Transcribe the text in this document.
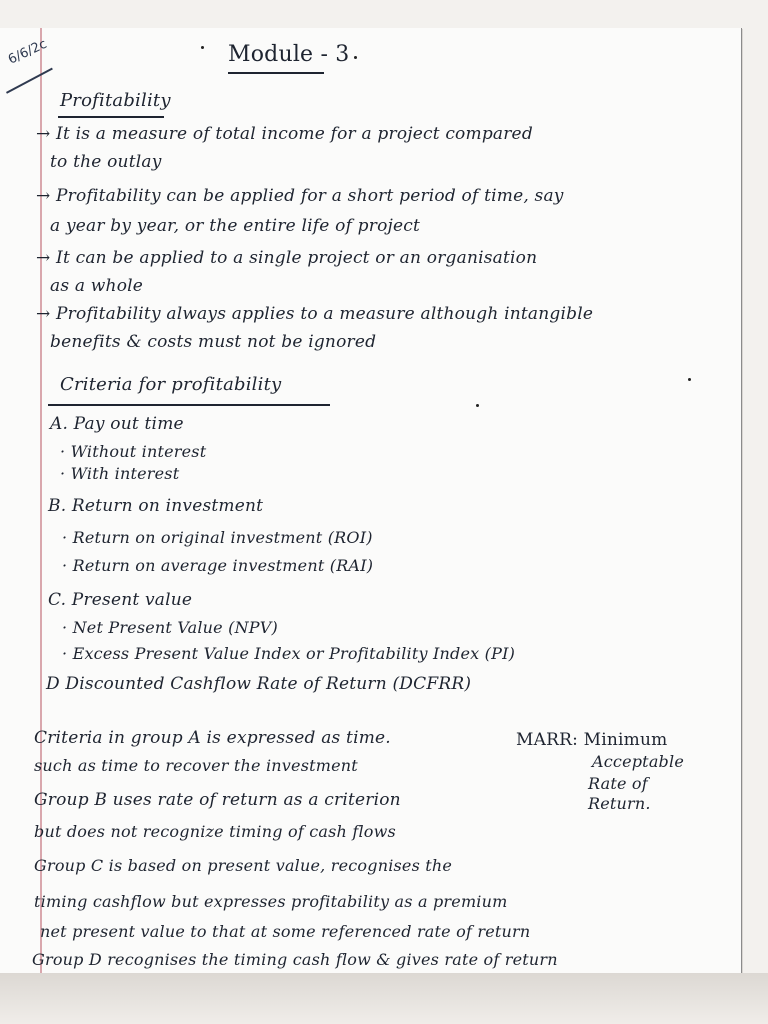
6/6/2c	Module - 3
Profitability
→ It is a measure of total income for a project compared
to the outlay
→ Profitability can be applied for a short period of time, say
a year by year, or the entire life of project
→ It can be applied to a single project or an organisation
as a whole
→ Profitability always applies to a measure although intangible
benefits & costs must not be ignored
Criteria for profitability
A. Pay out time
· Without interest
· With interest
B. Return on investment
· Return on original investment (ROI)
· Return on average investment (RAI)
C. Present value
· Net Present Value (NPV)
· Excess Present Value Index or Profitability Index (PI)
D Discounted Cashflow Rate of Return (DCFRR)
Criteria in group A is expressed as time.
such as time to recover the investment
Group B uses rate of return as a criterion
but does not recognize timing of cash flows
Group C is based on present value, recognises the
timing cashflow but expresses profitability as a premium
net present value to that at some referenced rate of return
Group D recognises the timing cash flow & gives rate of return
MARR: Minimum
Acceptable
Rate of
Return.
